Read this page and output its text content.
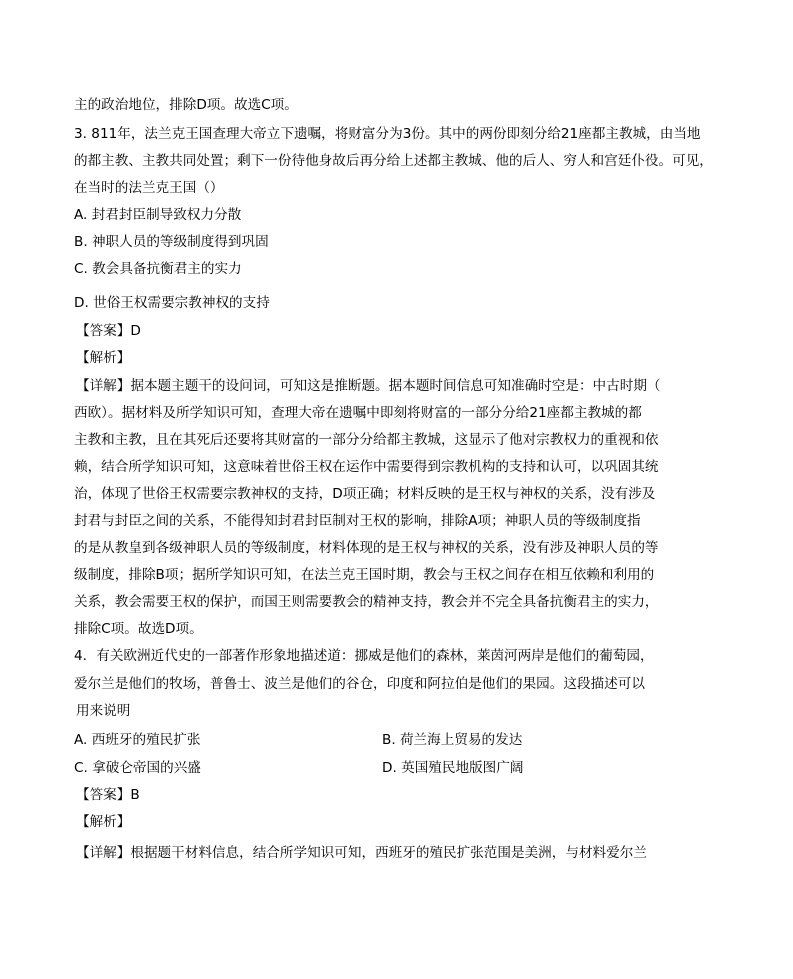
主的政治地位，排除D项。故选C项。
3. 811年，法兰克王国查理大帝立下遗嘱，将财富分为3份。其中的两份即刻分给21座都主教城，由当地
的都主教、主教共同处置；剩下一份待他身故后再分给上述都主教城、他的后人、穷人和宫廷仆役。可见，
在当时的法兰克王国（）
A. 封君封臣制导致权力分散
B. 神职人员的等级制度得到巩固
C. 教会具备抗衡君主的实力
D. 世俗王权需要宗教神权的支持
【答案】D
【解析】
【详解】据本题主题干的设问词，可知这是推断题。据本题时间信息可知准确时空是：中古时期（
西欧）。据材料及所学知识可知，查理大帝在遗嘱中即刻将财富的一部分分给21座都主教城的都
主教和主教，且在其死后还要将其财富的一部分分给都主教城，这显示了他对宗教权力的重视和依
赖，结合所学知识可知，这意味着世俗王权在运作中需要得到宗教机构的支持和认可，以巩固其统
治，体现了世俗王权需要宗教神权的支持，D项正确；材料反映的是王权与神权的关系，没有涉及
封君与封臣之间的关系，不能得知封君封臣制对王权的影响，排除A项；神职人员的等级制度指
的是从教皇到各级神职人员的等级制度，材料体现的是王权与神权的关系，没有涉及神职人员的等
级制度，排除B项；据所学知识可知，在法兰克王国时期，教会与王权之间存在相互依赖和利用的
关系，教会需要王权的保护，而国王则需要教会的精神支持，教会并不完全具备抗衡君主的实力，
排除C项。故选D项。
4．有关欧洲近代史的一部著作形象地描述道：挪威是他们的森林，莱茵河两岸是他们的葡萄园，
爱尔兰是他们的牧场，普鲁士、波兰是他们的谷仓，印度和阿拉伯是他们的果园。这段描述可以
用来说明
A. 西班牙的殖民扩张	B. 荷兰海上贸易的发达
C. 拿破仑帝国的兴盛	D. 英国殖民地版图广阔
【答案】B
【解析】
【详解】根据题干材料信息，结合所学知识可知，西班牙的殖民扩张范围是美洲，与材料爱尔兰
